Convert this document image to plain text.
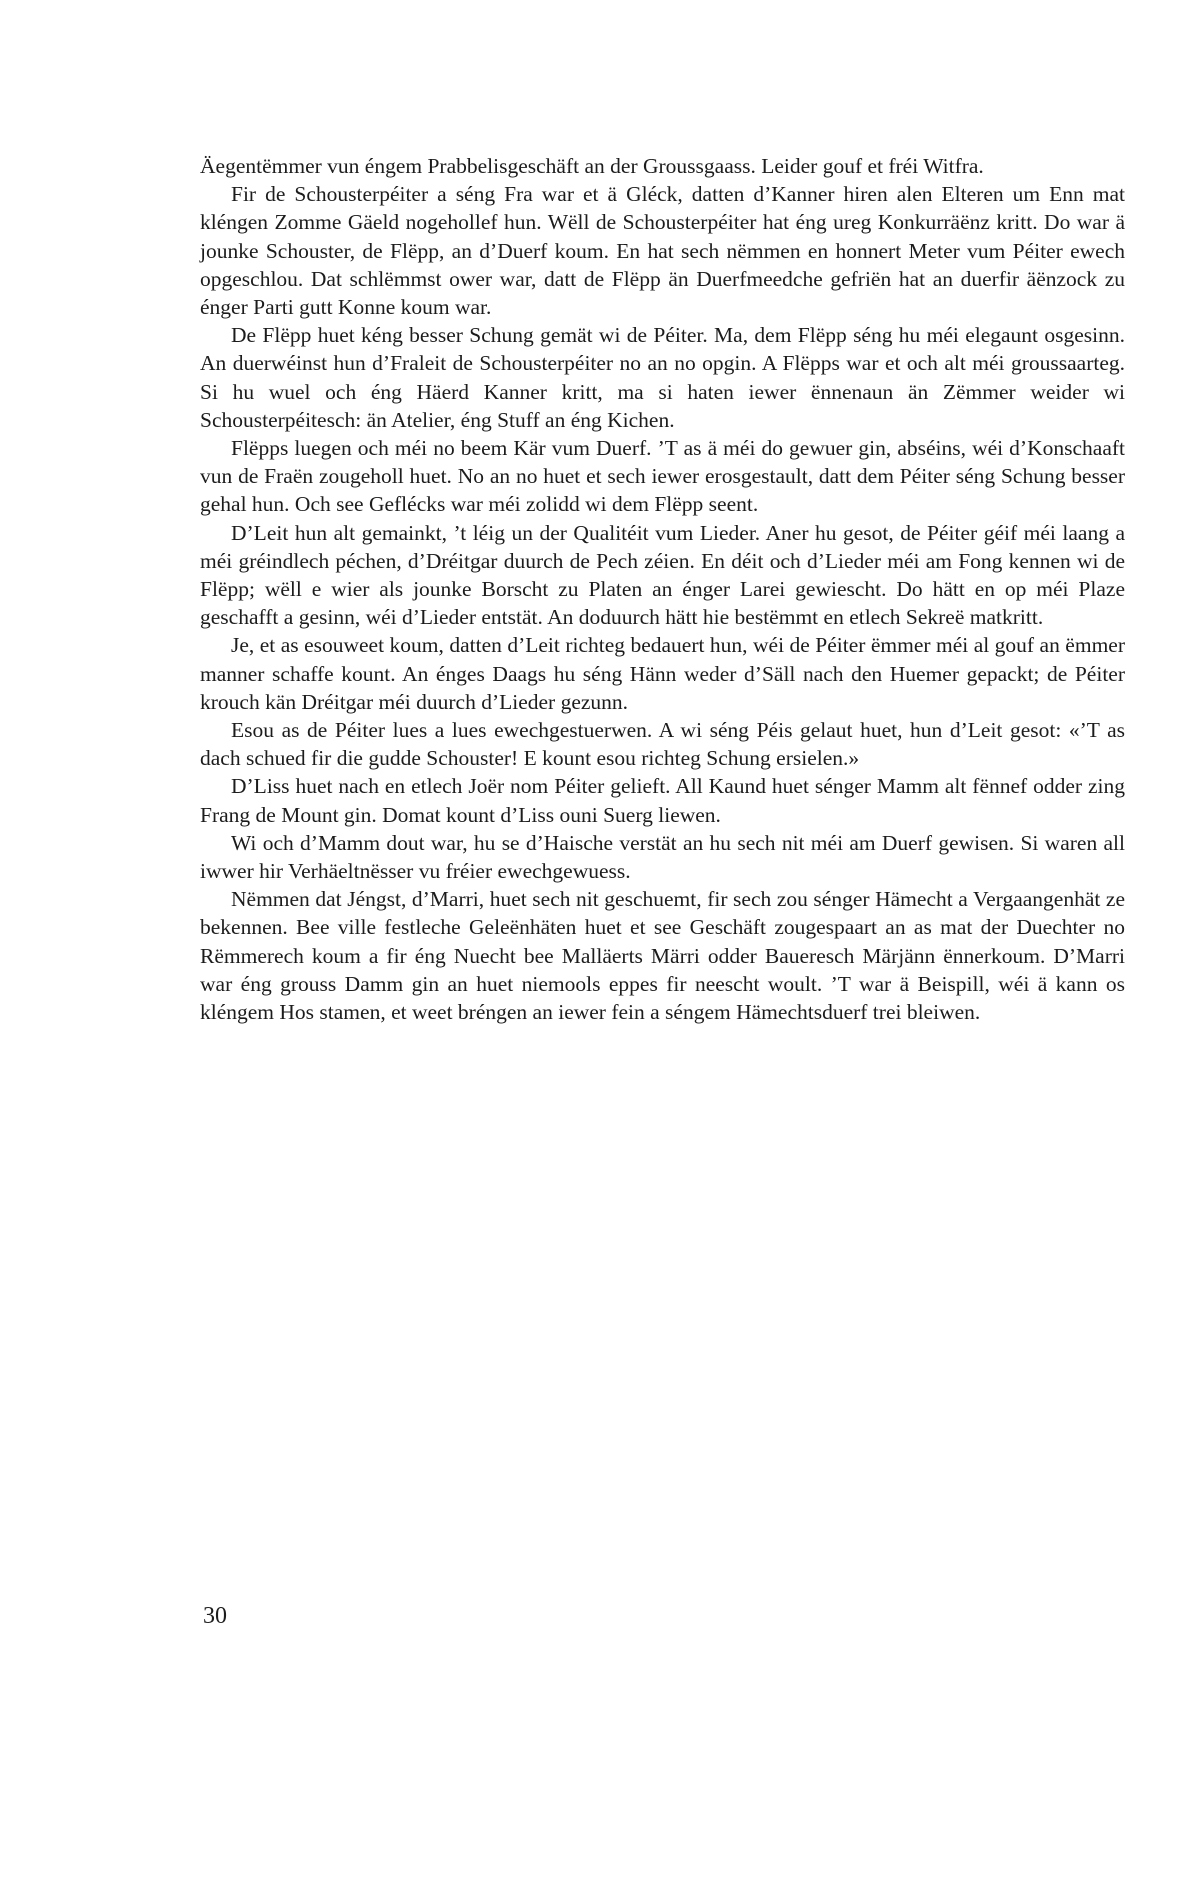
Äegentëmmer vun éngem Prabbelisgeschäft an der Groussgaass. Leider gouf et fréi Witfra.

Fir de Schousterpéiter a séng Fra war et ä Gléck, datten d’Kanner hiren alen Elteren um Enn mat kléngen Zomme Gäeld nogehollef hun. Wëll de Schousterpéiter hat éng ureg Konkurräënz kritt. Do war ä jounke Schouster, de Flëpp, an d’Duerf koum. En hat sech nëmmen en honnert Meter vum Péiter ewech opgeschlou. Dat schlëmmst ower war, datt de Flëpp än Duerfmeedche gefriën hat an duerfir äënzock zu énger Parti gutt Konne koum war.

De Flëpp huet kéng besser Schung gemät wi de Péiter. Ma, dem Flëpp séng hu méi elegaunt osgesinn. An duerwéinst hun d’Fraleit de Schousterpéiter no an no opgin. A Flëpps war et och alt méi groussaarteg. Si hu wuel och éng Häerd Kanner kritt, ma si haten iewer ënnenaun än Zëmmer weider wi Schousterpéitesch: än Atelier, éng Stuff an éng Kichen.

Flëpps luegen och méi no beem Kär vum Duerf. ’T as ä méi do gewuer gin, abséins, wéi d’Konschaaft vun de Fraën zougeholl huet. No an no huet et sech iewer erosgestault, datt dem Péiter séng Schung besser gehal hun. Och see Geflécks war méi zolidd wi dem Flëpp seent.

D’Leit hun alt gemainkt, ’t léig un der Qualitéit vum Lieder. Aner hu gesot, de Péiter géif méi laang a méi gréindlech péchen, d’Dréitgar duurch de Pech zéien. En déit och d’Lieder méi am Fong kennen wi de Flëpp; wëll e wier als jounke Borscht zu Platen an énger Larei gewiescht. Do hätt en op méi Plaze geschafft a gesinn, wéi d’Lieder entstät. An doduurch hätt hie bestëmmt en etlech Sekreë matkritt.

Je, et as esouweet koum, datten d’Leit richteg bedauert hun, wéi de Péiter ëmmer méi al gouf an ëmmer manner schaffe kount. An énges Daags hu séng Hänn weder d’Säll nach den Huemer gepackt; de Péiter krouch kän Dréitgar méi duurch d’Lieder gezunn.

Esou as de Péiter lues a lues ewechgestuerwen. A wi séng Péis gelaut huet, hun d’Leit gesot: «’T as dach schued fir die gudde Schouster! E kount esou richteg Schung ersielen.»

D’Liss huet nach en etlech Joër nom Péiter gelieft. All Kaund huet sénger Mamm alt fënnef odder zing Frang de Mount gin. Domat kount d’Liss ouni Suerg liewen.

Wi och d’Mamm dout war, hu se d’Haische verstät an hu sech nit méi am Duerf gewisen. Si waren all iwwer hir Verhäeltnësser vu fréier ewechgewuess.

Nëmmen dat Jéngst, d’Marri, huet sech nit geschuemt, fir sech zou sénger Hämecht a Vergaangenhät ze bekennen. Bee ville festleche Geleënhäten huet et see Geschäft zougespaart an as mat der Duechter no Rëmmerech koum a fir éng Nuecht bee Malläerts Märri odder Baueresch Märjänn ënnerkoum. D’Marri war éng grouss Damm gin an huet niemools eppes fir neescht woult. ’T war ä Beispill, wéi ä kann os kléngem Hos stamen, et weet bréngen an iewer fein a séngem Hämechtsduerf trei bleiwen.

30
